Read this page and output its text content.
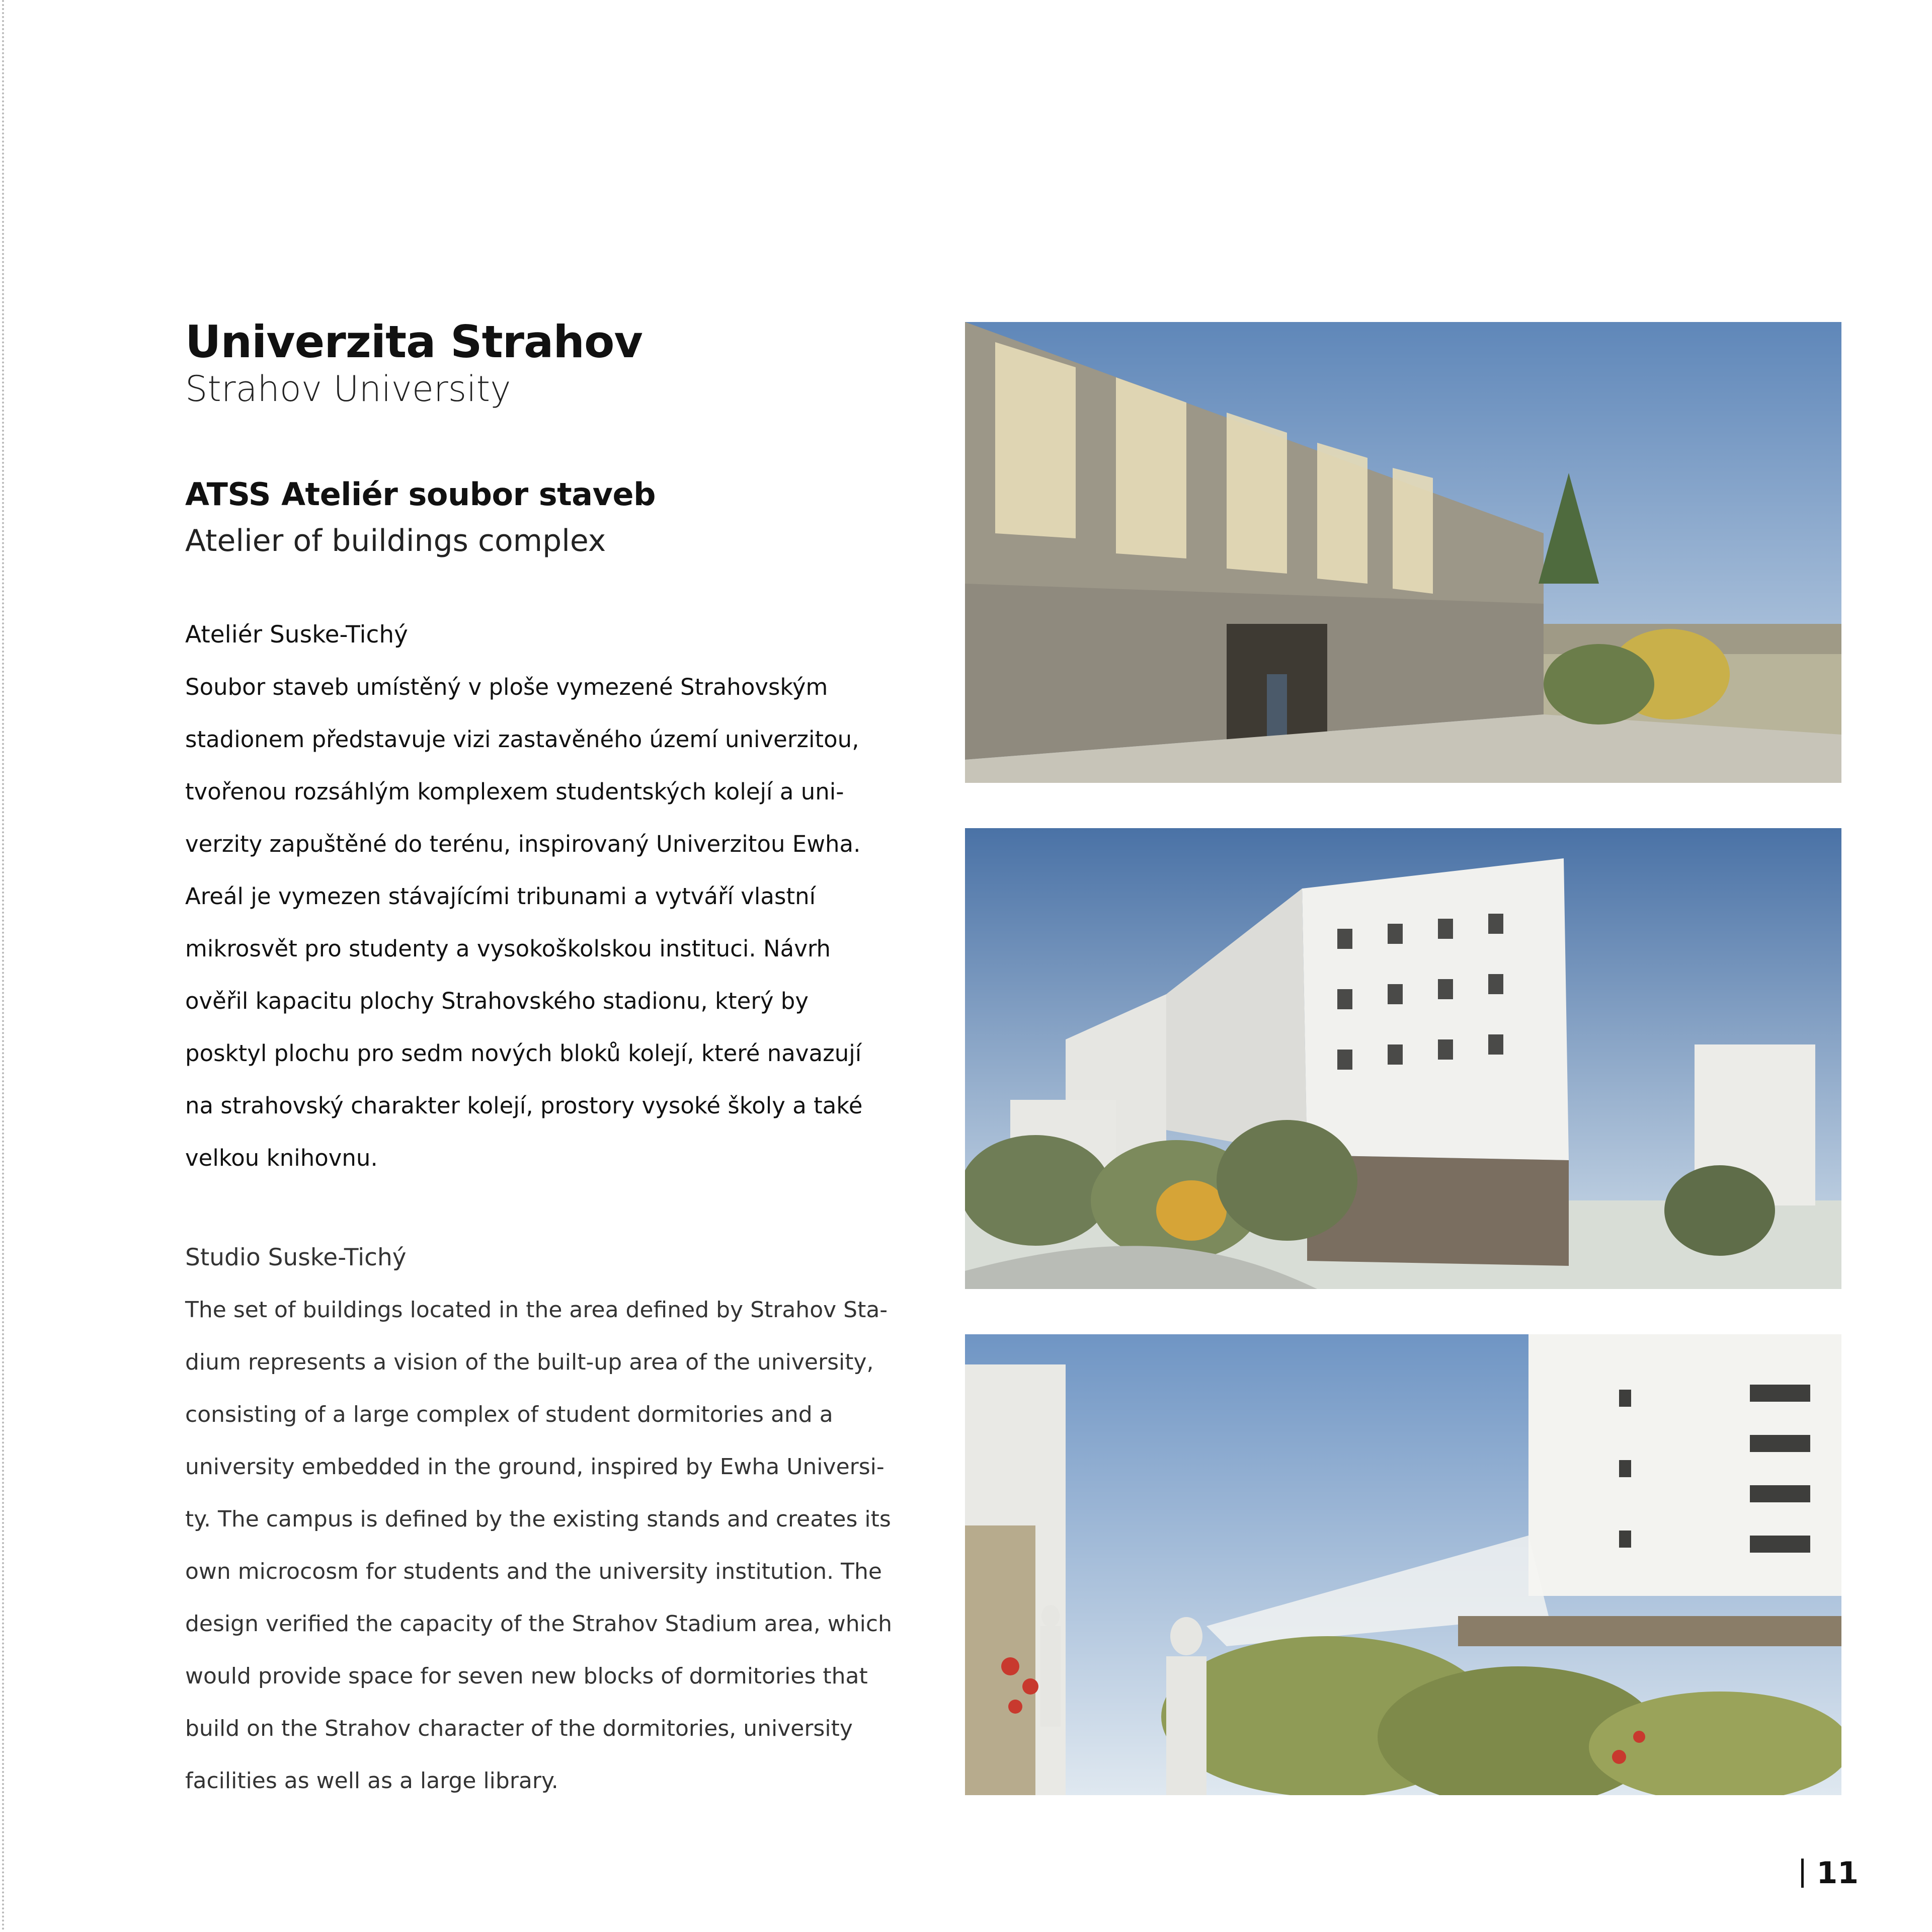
Univerzita Strahov
Strahov University
ATSS Ateliér soubor staveb
Atelier of buildings complex
Ateliér Suske-Tichý
Soubor staveb umístěný v ploše vymezené Strahovským
stadionem představuje vizi zastavěného území univerzitou,
tvořenou rozsáhlým komplexem studentských kolejí a uni-
verzity zapuštěné do terénu, inspirovaný Univerzitou Ewha.
Areál je vymezen stávajícími tribunami a vytváří vlastní
mikrosvět pro studenty a vysokoškolskou instituci. Návrh
ověřil kapacitu plochy Strahovského stadionu, který by
posktyl plochu pro sedm nových bloků kolejí, které navazují
na strahovský charakter kolejí, prostory vysoké školy a také
velkou knihovnu.
Studio Suske-Tichý
The set of buildings located in the area defined by Strahov Sta-
dium represents a vision of the built-up area of the university,
consisting of a large complex of student dormitories and a
university embedded in the ground, inspired by Ewha Universi-
ty. The campus is defined by the existing stands and creates its
own microcosm for students and the university institution. The
design verified the capacity of the Strahov Stadium area, which
would provide space for seven new blocks of dormitories that
build on the Strahov character of the dormitories, university
facilities as well as a large library.
11
